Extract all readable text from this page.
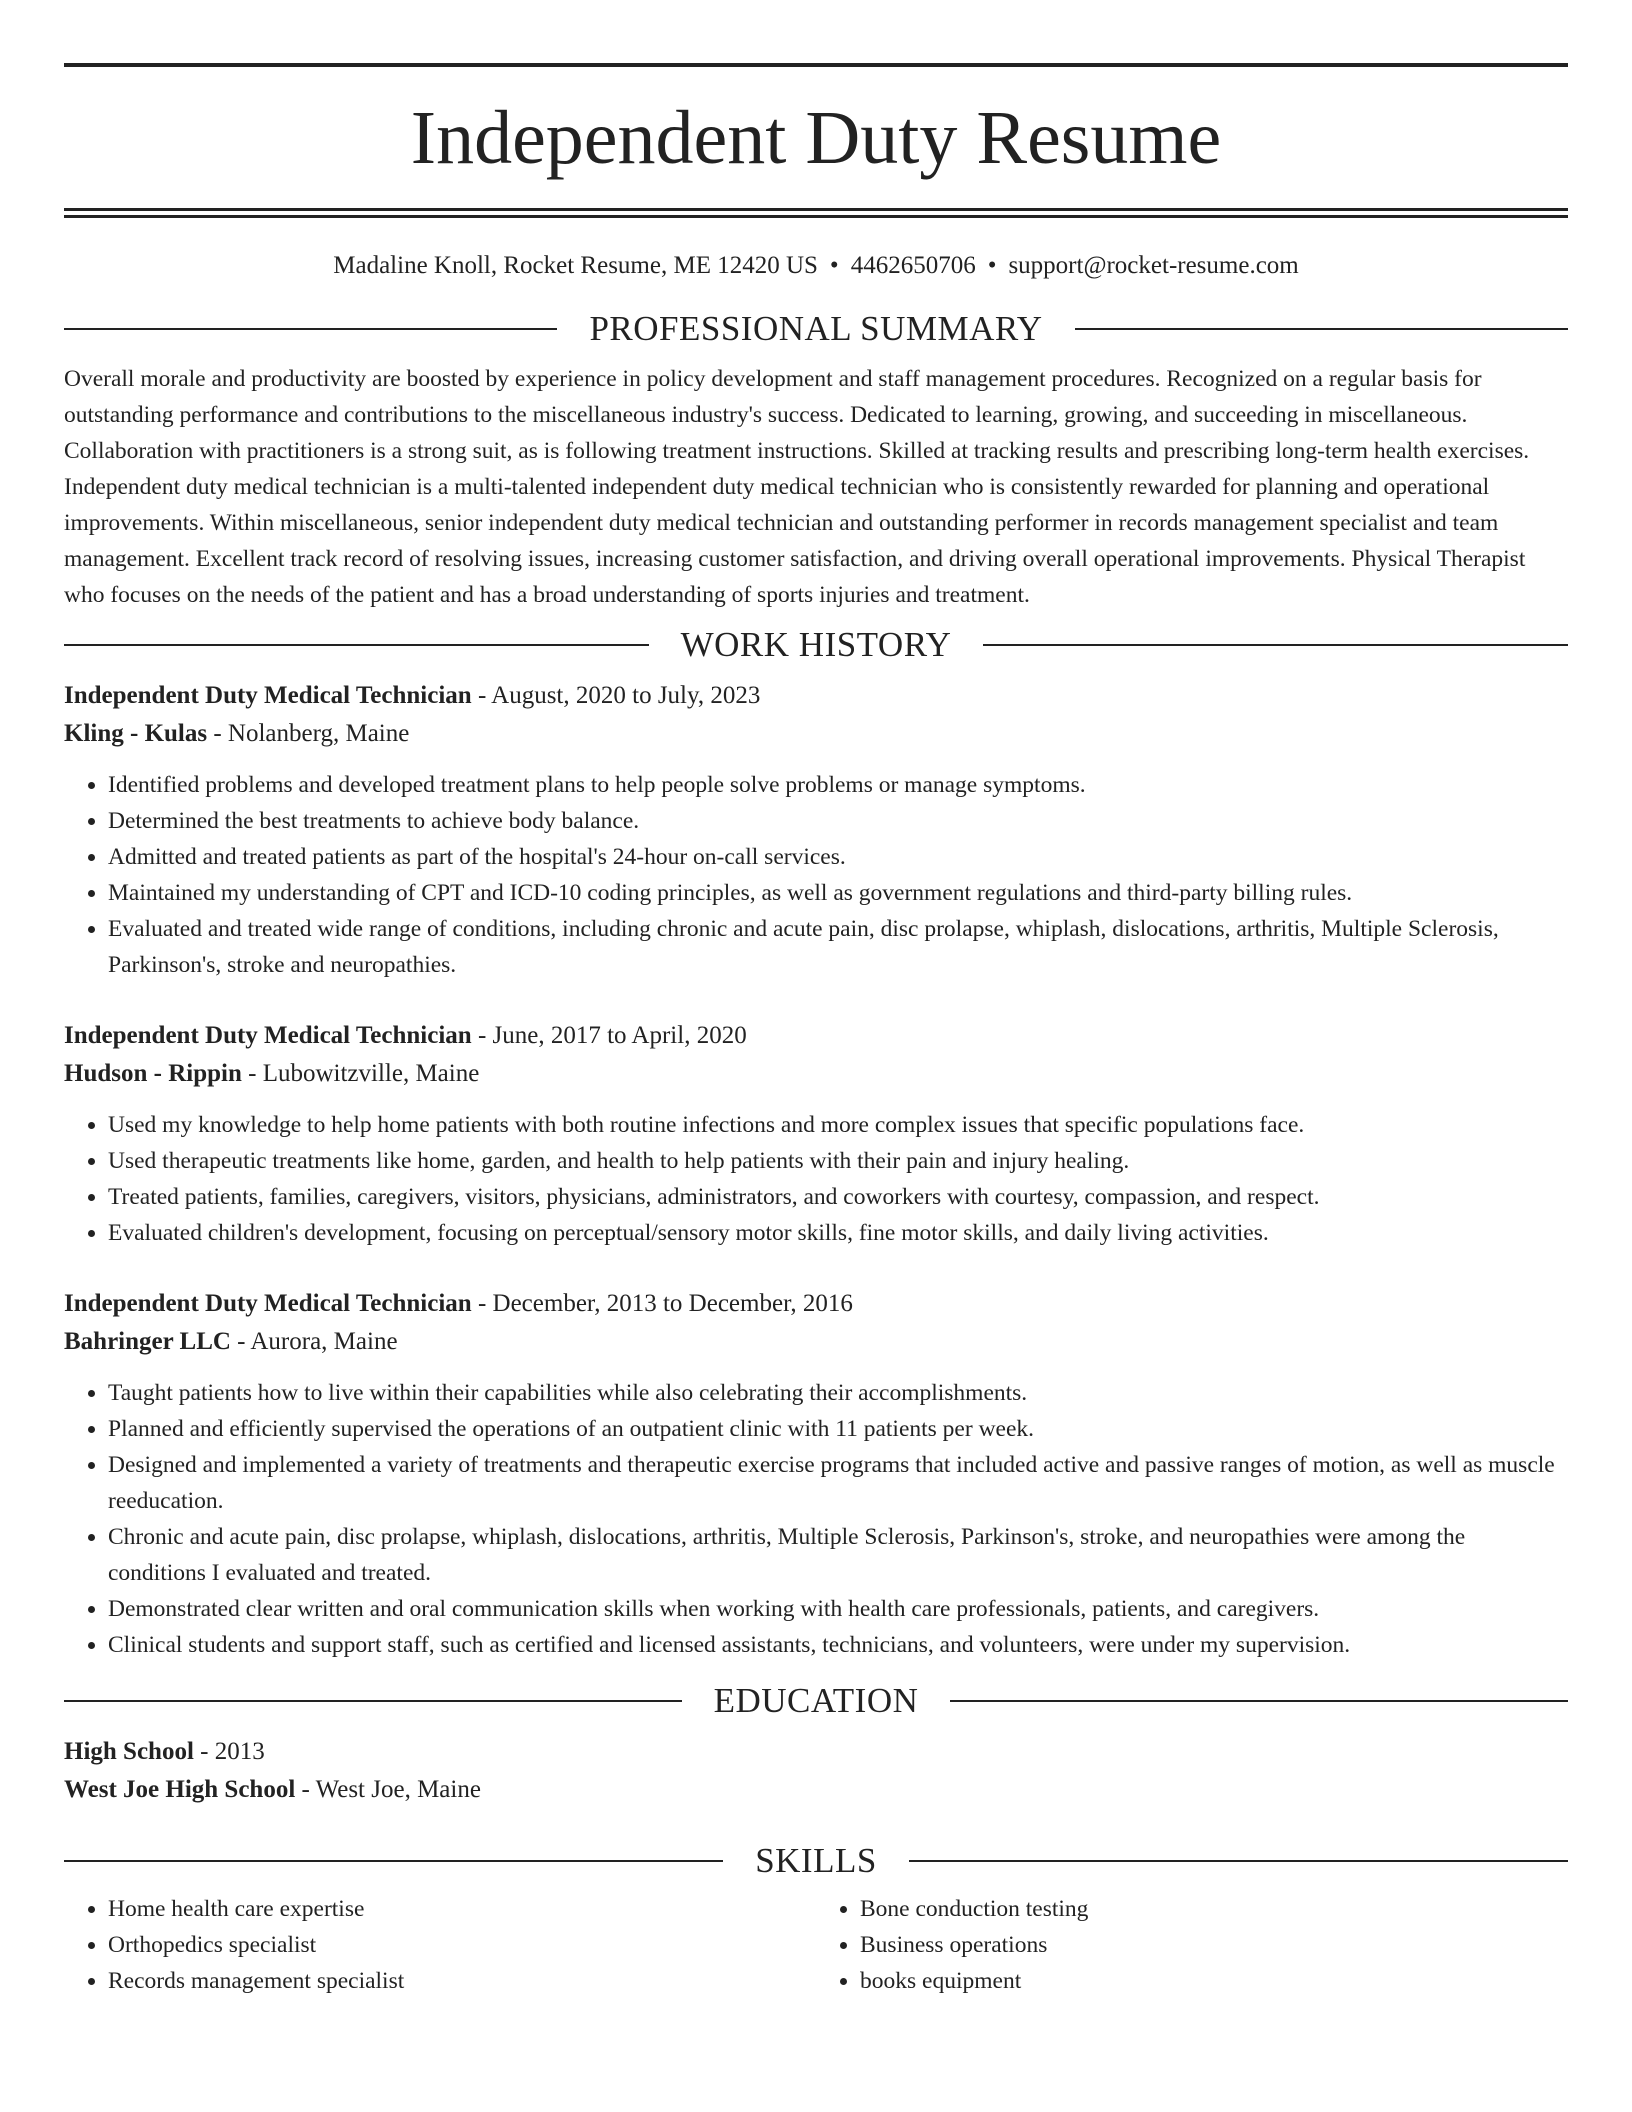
Independent Duty Resume
Madaline Knoll, Rocket Resume, ME 12420 US • 4462650706 • support@rocket-resume.com
PROFESSIONAL SUMMARY

Overall morale and productivity are boosted by experience in policy development and staff management procedures. Recognized on a regular basis for outstanding performance and contributions to the miscellaneous industry's success. Dedicated to learning, growing, and succeeding in miscellaneous. Collaboration with practitioners is a strong suit, as is following treatment instructions. Skilled at tracking results and prescribing long-term health exercises. Independent duty medical technician is a multi-talented independent duty medical technician who is consistently rewarded for planning and operational improvements. Within miscellaneous, senior independent duty medical technician and outstanding performer in records management specialist and team management. Excellent track record of resolving issues, increasing customer satisfaction, and driving overall operational improvements. Physical Therapist who focuses on the needs of the patient and has a broad understanding of sports injuries and treatment.

WORK HISTORY
Independent Duty Medical Technician - August, 2020 to July, 2023
Kling - Kulas - Nolanberg, Maine
• Identified problems and developed treatment plans to help people solve problems or manage symptoms.
• Determined the best treatments to achieve body balance.
• Admitted and treated patients as part of the hospital's 24-hour on-call services.
• Maintained my understanding of CPT and ICD-10 coding principles, as well as government regulations and third-party billing rules.
• Evaluated and treated wide range of conditions, including chronic and acute pain, disc prolapse, whiplash, dislocations, arthritis, Multiple Sclerosis, Parkinson's, stroke and neuropathies.
Independent Duty Medical Technician - June, 2017 to April, 2020
Hudson - Rippin - Lubowitzville, Maine
• Used my knowledge to help home patients with both routine infections and more complex issues that specific populations face.
• Used therapeutic treatments like home, garden, and health to help patients with their pain and injury healing.
• Treated patients, families, caregivers, visitors, physicians, administrators, and coworkers with courtesy, compassion, and respect.
• Evaluated children's development, focusing on perceptual/sensory motor skills, fine motor skills, and daily living activities.
Independent Duty Medical Technician - December, 2013 to December, 2016
Bahringer LLC - Aurora, Maine
• Taught patients how to live within their capabilities while also celebrating their accomplishments.
• Planned and efficiently supervised the operations of an outpatient clinic with 11 patients per week.
• Designed and implemented a variety of treatments and therapeutic exercise programs that included active and passive ranges of motion, as well as muscle reeducation.
• Chronic and acute pain, disc prolapse, whiplash, dislocations, arthritis, Multiple Sclerosis, Parkinson's, stroke, and neuropathies were among the conditions I evaluated and treated.
• Demonstrated clear written and oral communication skills when working with health care professionals, patients, and caregivers.
• Clinical students and support staff, such as certified and licensed assistants, technicians, and volunteers, were under my supervision.
EDUCATION
High School - 2013
West Joe High School - West Joe, Maine
SKILLS
• Home health care expertise
• Orthopedics specialist
• Records management specialist
• Bone conduction testing
• Business operations
• books equipment
